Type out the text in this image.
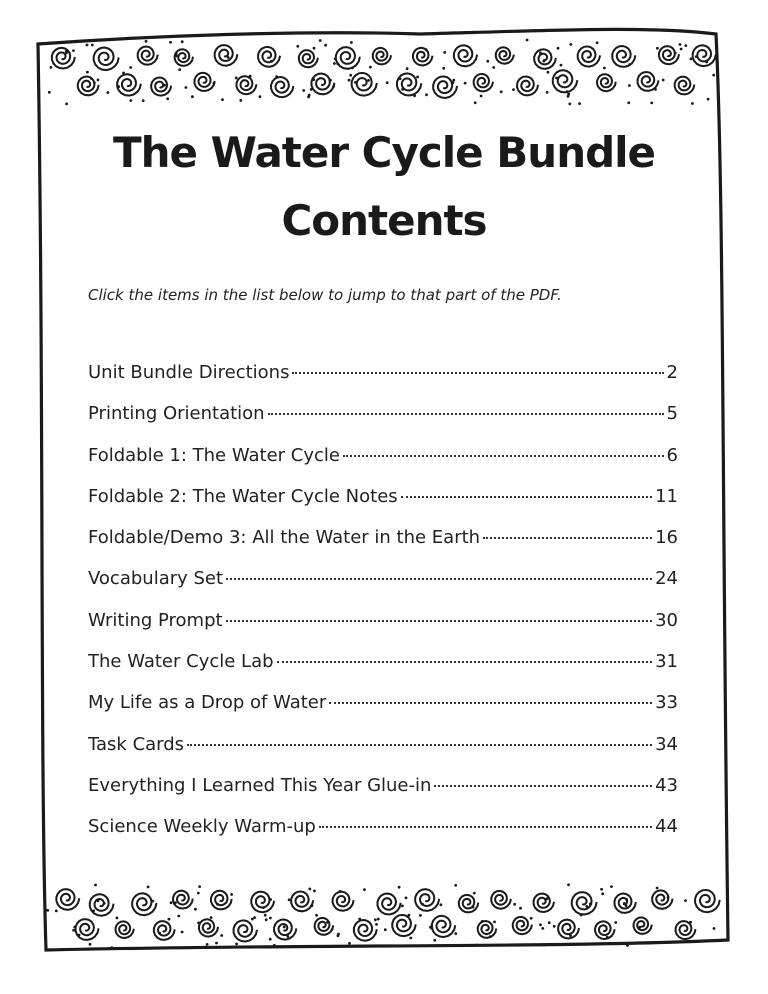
The Water Cycle Bundle
Contents
Click the items in the list below to jump to that part of the PDF.
Unit Bundle Directions	2
Printing Orientation	5
Foldable 1: The Water Cycle	6
Foldable 2: The Water Cycle Notes	11
Foldable/Demo 3: All the Water in the Earth	16
Vocabulary Set	24
Writing Prompt	30
The Water Cycle Lab	31
My Life as a Drop of Water	33
Task Cards	34
Everything I Learned This Year Glue-in	43
Science Weekly Warm-up	44
